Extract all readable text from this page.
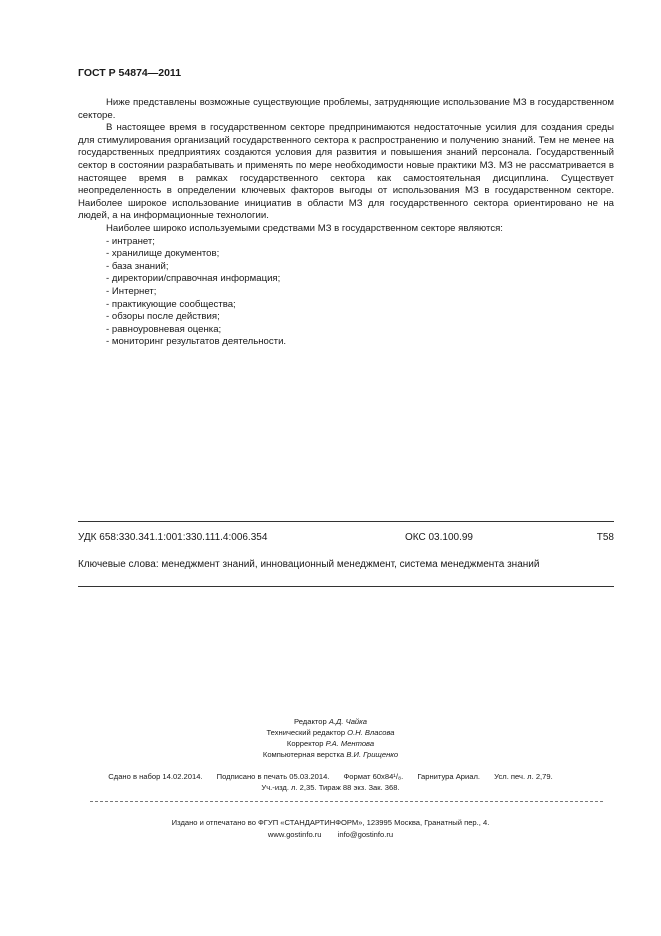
ГОСТ Р 54874—2011

Ниже представлены возможные существующие проблемы, затрудняющие использование МЗ в государственном секторе.

В настоящее время в государственном секторе предпринимаются недостаточные усилия для создания среды для стимулирования организаций государственного сектора к распространению и получению знаний. Тем не менее на государственных предприятиях создаются условия для развития и повышения знаний персонала. Государственный сектор в состоянии разрабатывать и применять по мере необходимости новые практики МЗ. МЗ не рассматривается в настоящее время в рамках государственного сектора как самостоятельная дисциплина. Существует неопределенность в определении ключевых факторов выгоды от использования МЗ в государственном секторе. Наиболее широкое использование инициатив в области МЗ для государственного сектора ориентировано не на людей, а на информационные технологии.

Наиболее широко используемыми средствами МЗ в государственном секторе являются:

- интранет;
- хранилище документов;
- база знаний;
- директории/справочная информация;
- Интернет;
- практикующие сообщества;
- обзоры после действия;
- равноуровневая оценка;
- мониторинг результатов деятельности.
УДК 658:330.341.1:001:330.111.4:006.354	ОКС 03.100.99	Т58
Ключевые слова: менеджмент знаний, инновационный менеджмент, система менеджмента знаний
Редактор А.Д. Чайка
Технический редактор О.Н. Власова
Корректор Р.А. Ментова
Компьютерная верстка В.И. Грищенко
Сдано в набор 14.02.2014. Подписано в печать 05.03.2014. Формат 60x84¹/₈. Гарнитура Ариал. Усл. печ. л. 2,79.
Уч.-изд. л. 2,35. Тираж 88 экз. Зак. 368.
Издано и отпечатано во ФГУП «СТАНДАРТИНФОРМ», 123995 Москва, Гранатный пер., 4.
www.gostinfo.ru info@gostinfo.ru
